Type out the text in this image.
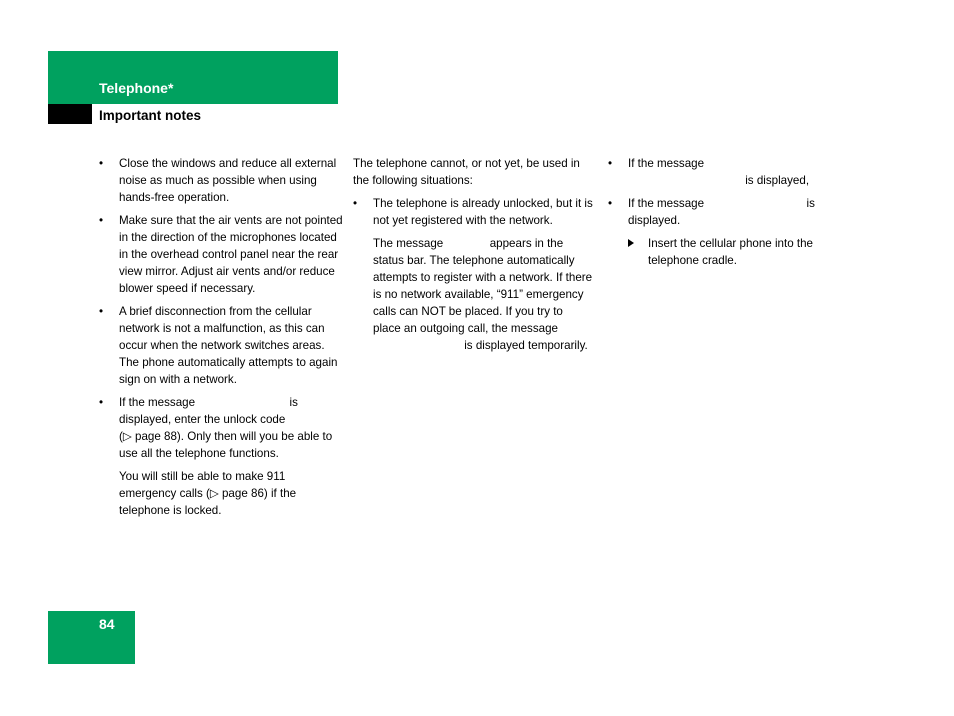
Telephone*
Important notes
• Close the windows and reduce all external noise as much as possible when using hands-free operation.
• Make sure that the air vents are not pointed in the direction of the microphones located in the overhead control panel near the rear view mirror. Adjust air vents and/or reduce blower speed if necessary.
• A brief disconnection from the cellular network is not a malfunction, as this can occur when the network switches areas. The phone automatically attempts to again sign on with a network.
• If the message	is displayed, enter the unlock code
(▷ page 88). Only then will you be able to use all the telephone functions.

You will still be able to make 911 emergency calls (▷ page 86) if the telephone is locked.

The telephone cannot, or not yet, be used in the following situations:

• The telephone is already unlocked, but it is not yet registered with the network.

The message	appears in the status bar. The telephone automatically attempts to register with a network. If there is no network available, “911” emergency calls can NOT be placed. If you try to place an outgoing call, the message  is displayed temporarily.

• If the message
is displayed,
• If the message	is displayed.

Insert the cellular phone into the telephone cradle.

84
